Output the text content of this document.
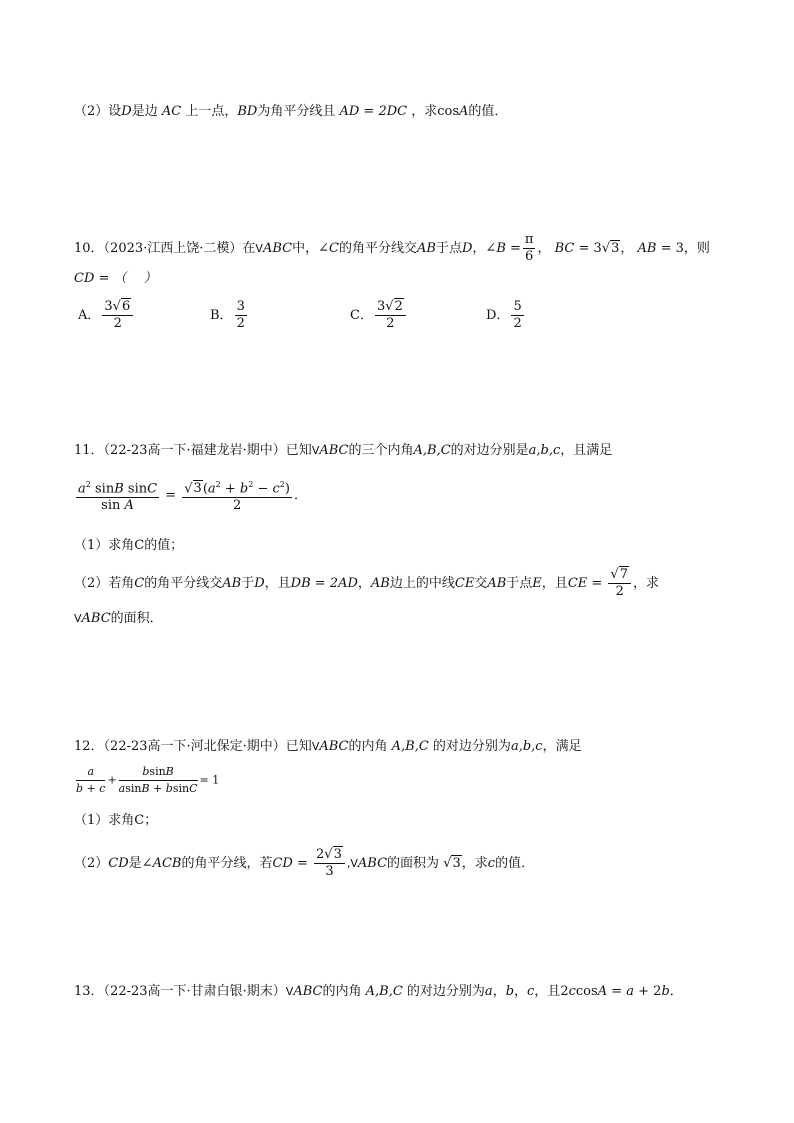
（2）设D是边 AC 上一点，BD为角平分线且 AD = 2DC ，求cosA的值．
10．（2023·江西上饶·二模）在VABC中，∠C的角平分线交AB于点D，∠B = $\frac{\pi}{6}$ ， BC = 3√3， AB = 3，则
CD = （　 ）
A． $\frac{3√6}{2}$	B． $\frac{3}{2}$	C． $\frac{3√2}{2}$	D． $\frac{5}{2}$
11．（22-23高一下·福建龙岩·期中）已知VABC的三个内角A,B,C的对边分别是a,b,c，且满足
$\frac{a^2 \sin B \sin C}{\text{sin A}} = \frac{√3(a^2 + b^2 - c^2)}{2}$ ．
（1）求角C的值；
（2）若角C的角平分线交AB于D，且DB = 2AD，AB边上的中线CE交AB于点E，且CE = $\frac{√7}{2}$ ，求
VABC的面积．
12．（22-23高一下·河北保定·期中）已知VABC的内角 A,B,C 的对边分别为a,b,c，满足
$\frac{a}{b + c} + \frac{bsinB}{asinB + bsinC} = 1$
（1）求角C；
（2）CD是∠ACB的角平分线，若CD = $\frac{2√3}{3}$ ,VABC的面积为 √3，求c的值．
13．（22-23高一下·甘肃白银·期末）VABC的内角 A,B,C 的对边分别为a，b，c，且2ccosA = a + 2b．
